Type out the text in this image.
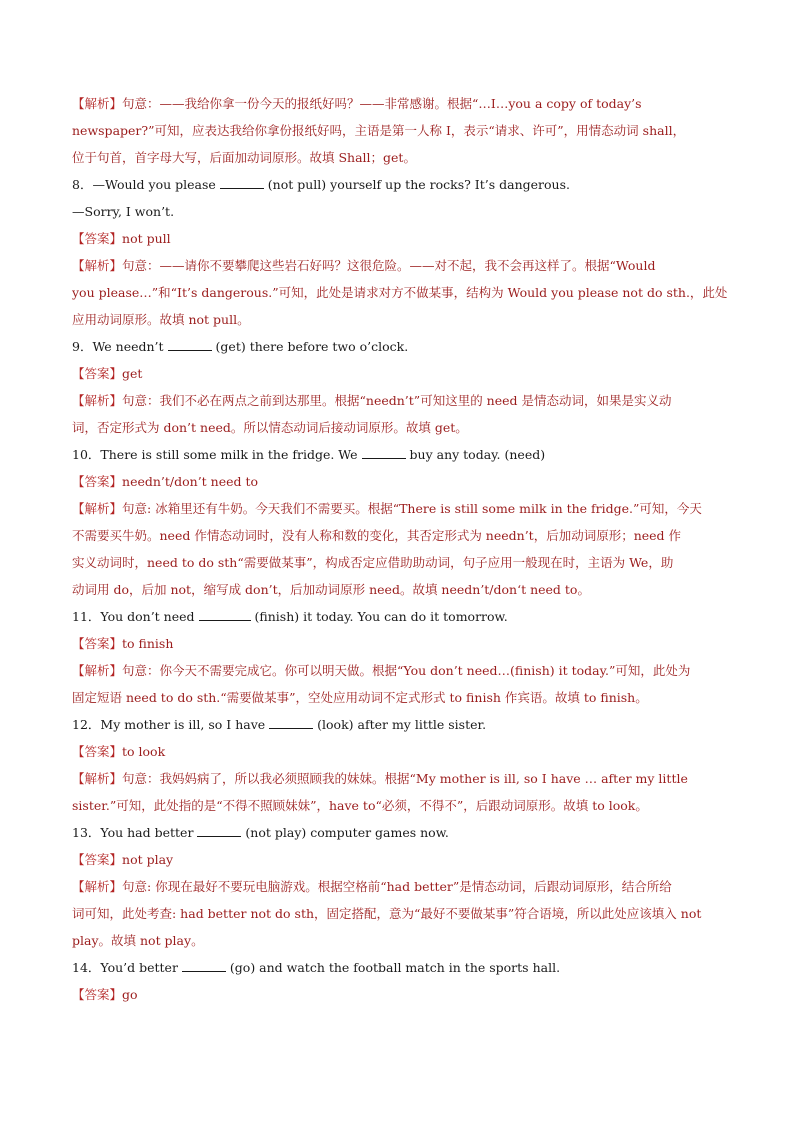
【解析】句意：——我给你拿一份今天的报纸好吗？——非常感谢。根据“…I…you a copy of today’s
newspaper?”可知，应表达我给你拿份报纸好吗，主语是第一人称 I，表示“请求、许可”，用情态动词 shall，
位于句首，首字母大写，后面加动词原形。故填 Shall；get。
8．—Would you please	(not pull) yourself up the rocks? It’s dangerous.
—Sorry, I won’t.
【答案】not pull
【解析】句意：——请你不要攀爬这些岩石好吗？这很危险。——对不起，我不会再这样了。根据“Would
you please…”和“It’s dangerous.”可知，此处是请求对方不做某事，结构为 Would you please not do sth.，此处
应用动词原形。故填 not pull。
9．We needn’t	(get) there before two o’clock.
【答案】get
【解析】句意：我们不必在两点之前到达那里。根据“needn’t”可知这里的 need 是情态动词，如果是实义动
词，否定形式为 don’t need。所以情态动词后接动词原形。故填 get。
10．There is still some milk in the fridge. We	buy any today. (need)
【答案】needn’t/don’t need to
【解析】句意: 冰箱里还有牛奶。今天我们不需要买。根据“There is still some milk in the fridge.”可知，今天
不需要买牛奶。need 作情态动词时，没有人称和数的变化，其否定形式为 needn’t，后加动词原形；need 作
实义动词时，need to do sth“需要做某事”，构成否定应借助助动词，句子应用一般现在时，主语为 We，助
动词用 do，后加 not，缩写成 don’t，后加动词原形 need。故填 needn’t/don‘t need to。
11．You don’t need	(finish) it today. You can do it tomorrow.
【答案】to finish
【解析】句意：你今天不需要完成它。你可以明天做。根据“You don’t need…(finish) it today.”可知，此处为
固定短语 need to do sth.“需要做某事”，空处应用动词不定式形式 to finish 作宾语。故填 to finish。
12．My mother is ill, so I have	(look) after my little sister.
【答案】to look
【解析】句意：我妈妈病了，所以我必须照顾我的妹妹。根据“My mother is ill, so I have … after my little
sister.”可知，此处指的是“不得不照顾妹妹”，have to“必须，不得不”，后跟动词原形。故填 to look。
13．You had better	(not play) computer games now.
【答案】not play
【解析】句意: 你现在最好不要玩电脑游戏。根据空格前“had better”是情态动词，后跟动词原形，结合所给
词可知，此处考查: had better not do sth，固定搭配，意为“最好不要做某事”符合语境，所以此处应该填入 not
play。故填 not play。
14．You’d better	(go) and watch the football match in the sports hall.
【答案】go
